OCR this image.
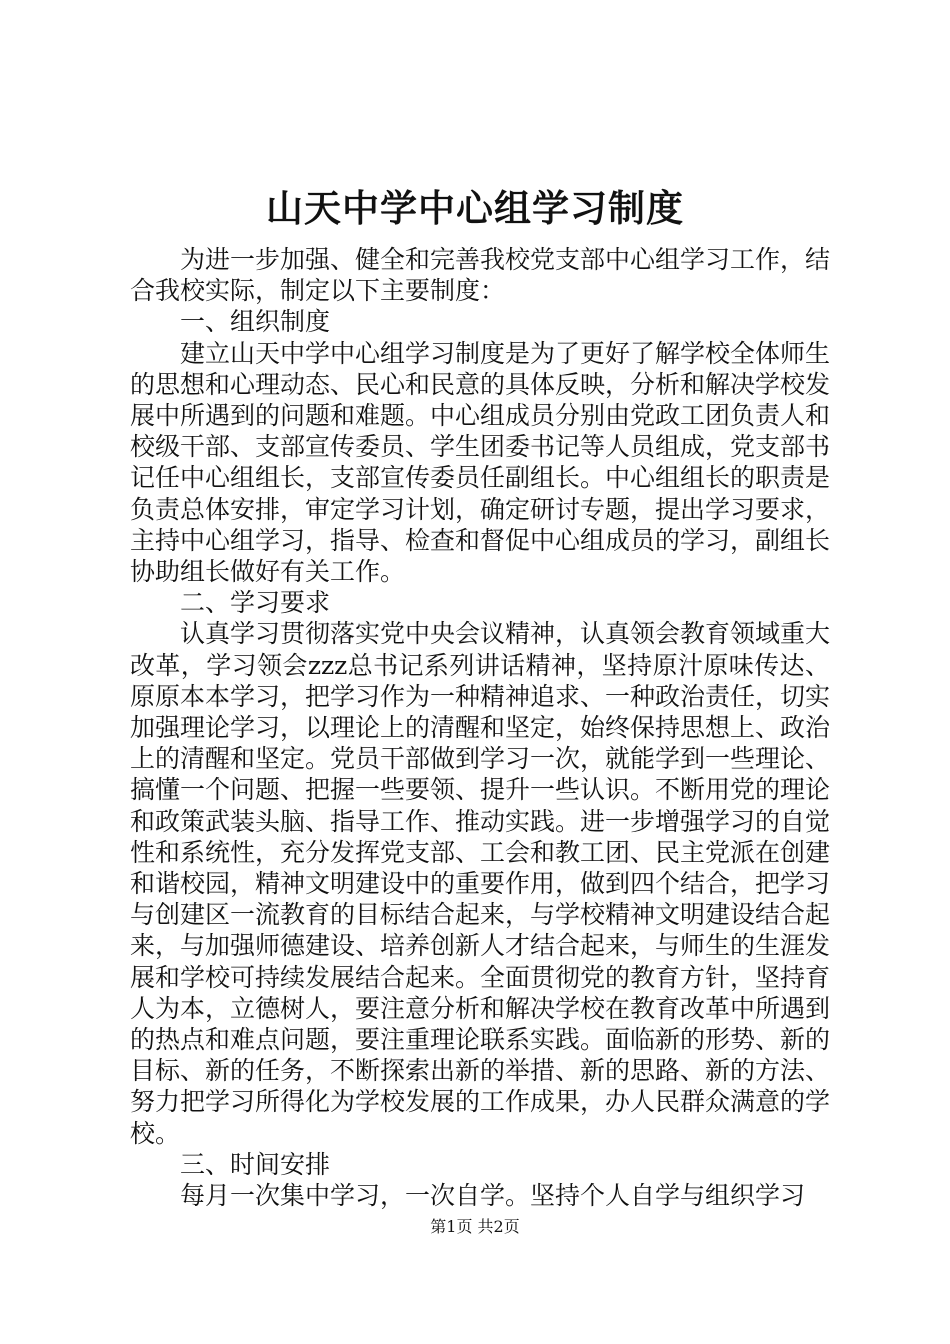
山天中学中心组学习制度

为进一步加强、健全和完善我校党支部中心组学习工作，结合我校实际，制定以下主要制度：

一、组织制度

建立山天中学中心组学习制度是为了更好了解学校全体师生的思想和心理动态、民心和民意的具体反映，分析和解决学校发展中所遇到的问题和难题。中心组成员分别由党政工团负责人和校级干部、支部宣传委员、学生团委书记等人员组成，党支部书记任中心组组长，支部宣传委员任副组长。中心组组长的职责是负责总体安排，审定学习计划，确定研讨专题，提出学习要求，主持中心组学习，指导、检查和督促中心组成员的学习，副组长协助组长做好有关工作。

二、学习要求

认真学习贯彻落实党中央会议精神，认真领会教育领域重大改革，学习领会zzz总书记系列讲话精神，坚持原汁原味传达、原原本本学习，把学习作为一种精神追求、一种政治责任，切实加强理论学习，以理论上的清醒和坚定，始终保持思想上、政治上的清醒和坚定。党员干部做到学习一次，就能学到一些理论、搞懂一个问题、把握一些要领、提升一些认识。不断用党的理论和政策武装头脑、指导工作、推动实践。进一步增强学习的自觉性和系统性，充分发挥党支部、工会和教工团、民主党派在创建和谐校园，精神文明建设中的重要作用，做到四个结合，把学习与创建区一流教育的目标结合起来，与学校精神文明建设结合起来，与加强师德建设、培养创新人才结合起来，与师生的生涯发展和学校可持续发展结合起来。全面贯彻党的教育方针，坚持育人为本，立德树人，要注意分析和解决学校在教育改革中所遇到的热点和难点问题，要注重理论联系实践。面临新的形势、新的目标、新的任务，不断探索出新的举措、新的思路、新的方法、努力把学习所得化为学校发展的工作成果，办人民群众满意的学校。

三、时间安排

每月一次集中学习，一次自学。坚持个人自学与组织学习

第1页 共2页
